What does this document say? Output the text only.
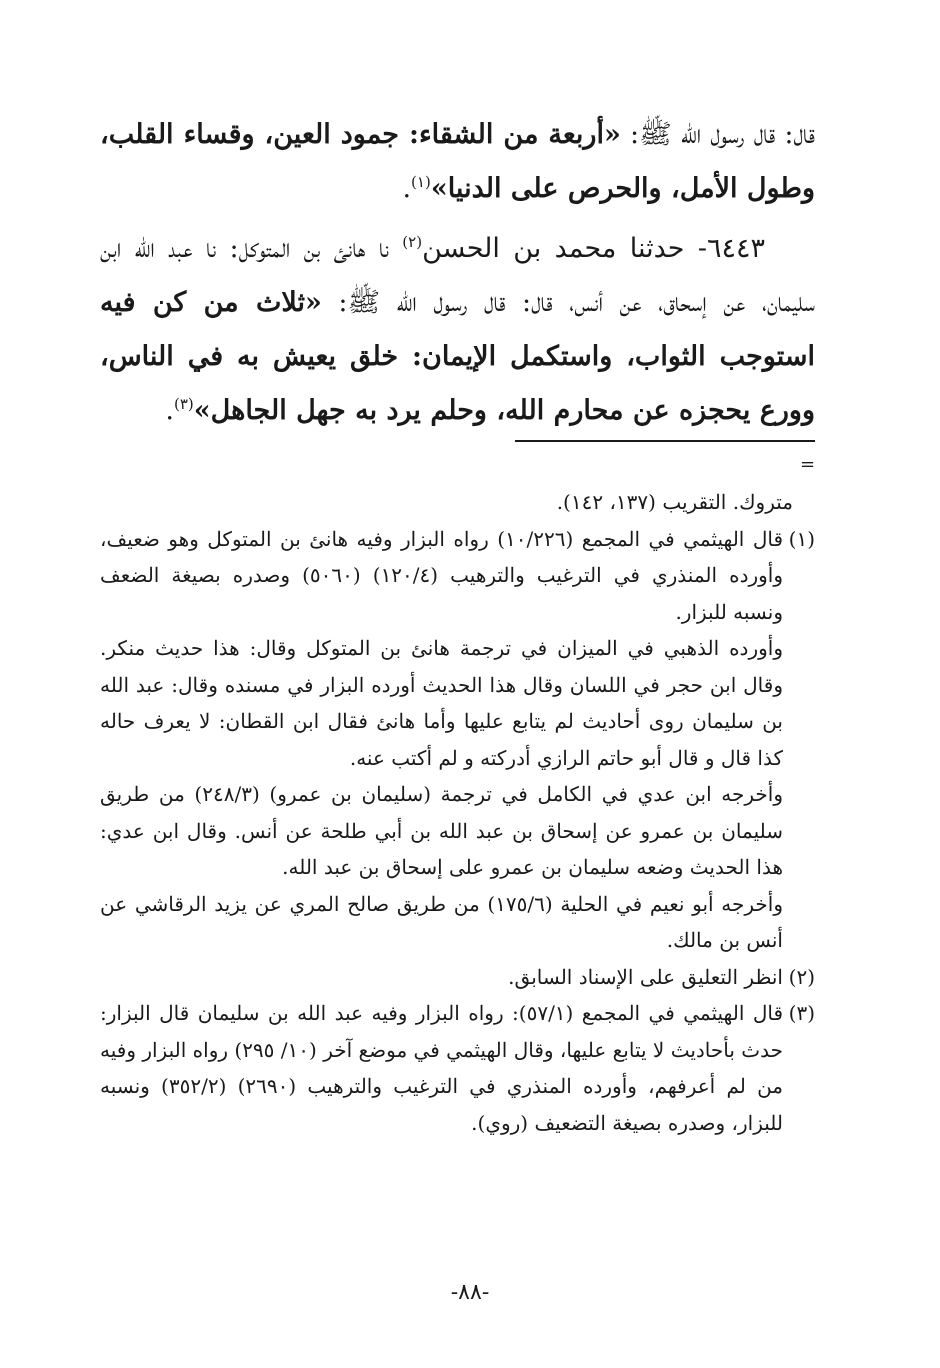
قال: قال رسول الله ﷺ: «أربعة من الشقاء: جمود العين، وقساء القلب، وطول الأمل، والحرص على الدنيا»$^{(١)}$.

٦٤٤٣- حدثنا محمد بن الحسن$^{(٢)}$ نا هانئ بن المتوكل: نا عبد الله ابن سليمان، عن إسحاق، عن أنس، قال: قال رسول الله ﷺ: «ثلاث من كن فيه استوجب الثواب، واستكمل الإيمان: خلق يعيش به في الناس، وورع يحجزه عن محارم الله، وحلم يرد به جهل الجاهل»$^{(٣)}$.

=

متروك. التقريب (١٣٧، ١٤٢).

(١)
قال الهيثمي في المجمع (١٠/٢٢٦) رواه البزار وفيه هانئ بن المتوكل وهو ضعيف، وأورده المنذري في الترغيب والترهيب (١٢٠/٤) (٥٠٦٠) وصدره بصيغة الضعف ونسبه للبزار.

وأورده الذهبي في الميزان في ترجمة هانئ بن المتوكل وقال: هذا حديث منكر. وقال ابن حجر في اللسان وقال هذا الحديث أورده البزار في مسنده وقال: عبد الله بن سليمان روى أحاديث لم يتابع عليها وأما هانئ فقال ابن القطان: لا يعرف حاله كذا قال و قال أبو حاتم الرازي أدركته و لم أكتب عنه.

وأخرجه ابن عدي في الكامل في ترجمة (سليمان بن عمرو) (٢٤٨/٣) من طريق سليمان بن عمرو عن إسحاق بن عبد الله بن أبي طلحة عن أنس. وقال ابن عدي: هذا الحديث وضعه سليمان بن عمرو على إسحاق بن عبد الله.

وأخرجه أبو نعيم في الحلية (١٧٥/٦) من طريق صالح المري عن يزيد الرقاشي عن أنس بن مالك.

(٢)
انظر التعليق على الإسناد السابق.
(٣)
قال الهيثمي في المجمع (٥٧/١): رواه البزار وفيه عبد الله بن سليمان قال البزار: حدث بأحاديث لا يتابع عليها، وقال الهيثمي في موضع آخر (١٠/ ٢٩٥) رواه البزار وفيه من لم أعرفهم، وأورده المنذري في الترغيب والترهيب (٢٦٩٠) (٣٥٢/٢) ونسبه للبزار، وصدره بصيغة التضعيف (روي).
-٨٨-
